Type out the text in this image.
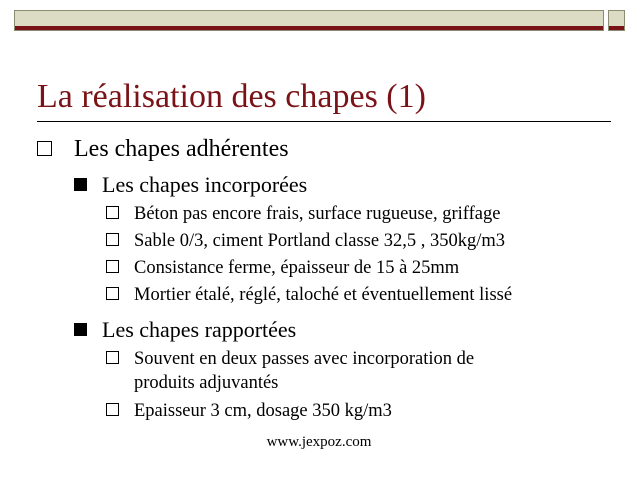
La réalisation des chapes (1)
Les chapes adhérentes
Les chapes incorporées
Béton pas encore frais, surface rugueuse, griffage
Sable 0/3, ciment Portland classe 32,5 , 350kg/m3
Consistance ferme, épaisseur de 15 à 25mm
Mortier étalé, réglé, taloché et éventuellement lissé
Les chapes rapportées
Souvent en deux passes avec incorporation de
produits adjuvantés
Epaisseur 3 cm, dosage 350 kg/m3
www.jexpoz.com
